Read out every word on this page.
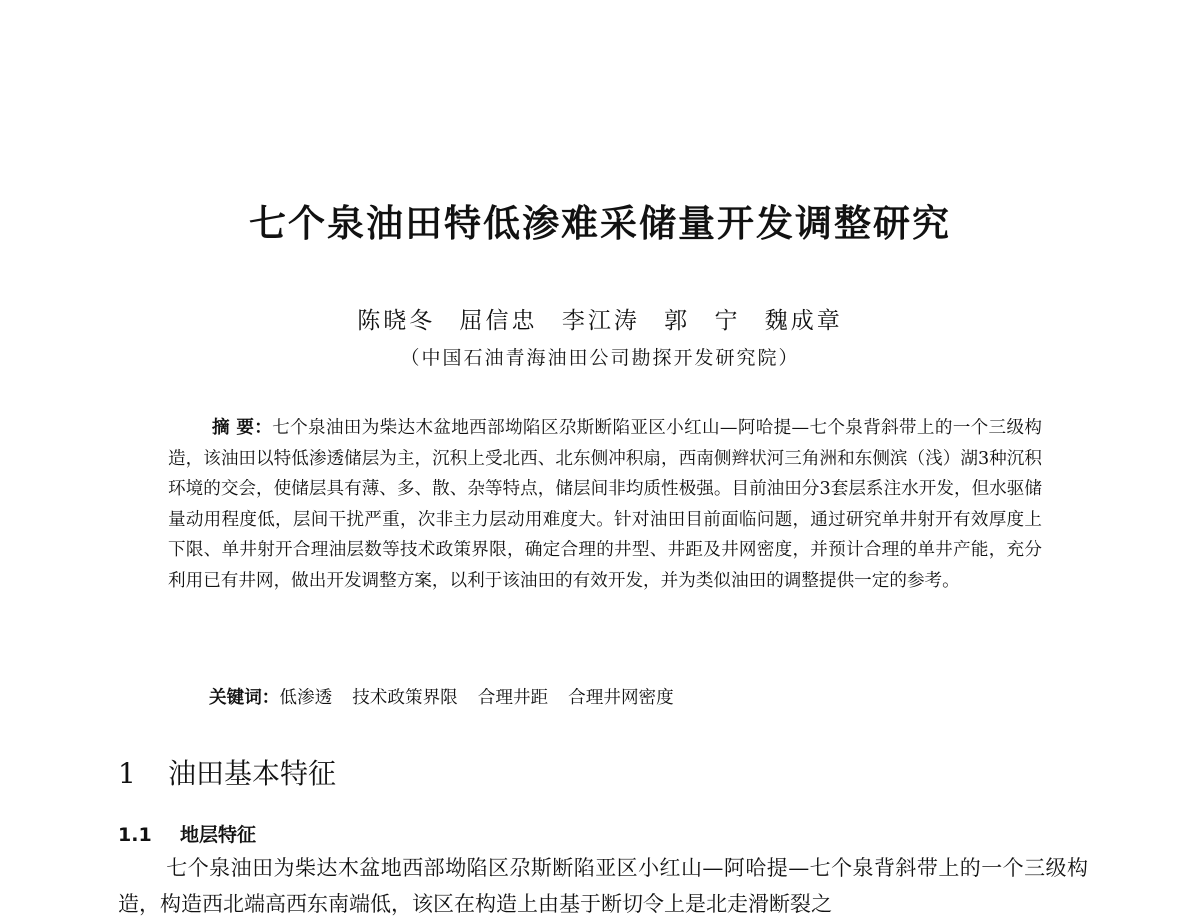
七个泉油田特低渗难采储量开发调整研究
陈晓冬 屈信忠 李江涛 郭 宁 魏成章
（中国石油青海油田公司勘探开发研究院）

摘 要：七个泉油田为柴达木盆地西部坳陷区尕斯断陷亚区小红山—阿哈提—七个泉背斜带上的一个三级构造，该油田以特低渗透储层为主，沉积上受北西、北东侧冲积扇，西南侧辫状河三角洲和东侧滨（浅）湖3种沉积环境的交会，使储层具有薄、多、散、杂等特点，储层间非均质性极强。目前油田分3套层系注水开发，但水驱储量动用程度低，层间干扰严重，次非主力层动用难度大。针对油田目前面临问题，通过研究单井射开有效厚度上下限、单井射开合理油层数等技术政策界限，确定合理的井型、井距及井网密度，并预计合理的单井产能，充分利用已有井网，做出开发调整方案，以利于该油田的有效开发，并为类似油田的调整提供一定的参考。

关键词：低渗透 技术政策界限 合理井距 合理井网密度
1 油田基本特征
1.1 地层特征

七个泉油田为柴达木盆地西部坳陷区尕斯断陷亚区小红山—阿哈提—七个泉背斜带上的一个三级构造，构造西北端高西东南端低，该区在构造上由基于断切令上是北走滑断裂之
